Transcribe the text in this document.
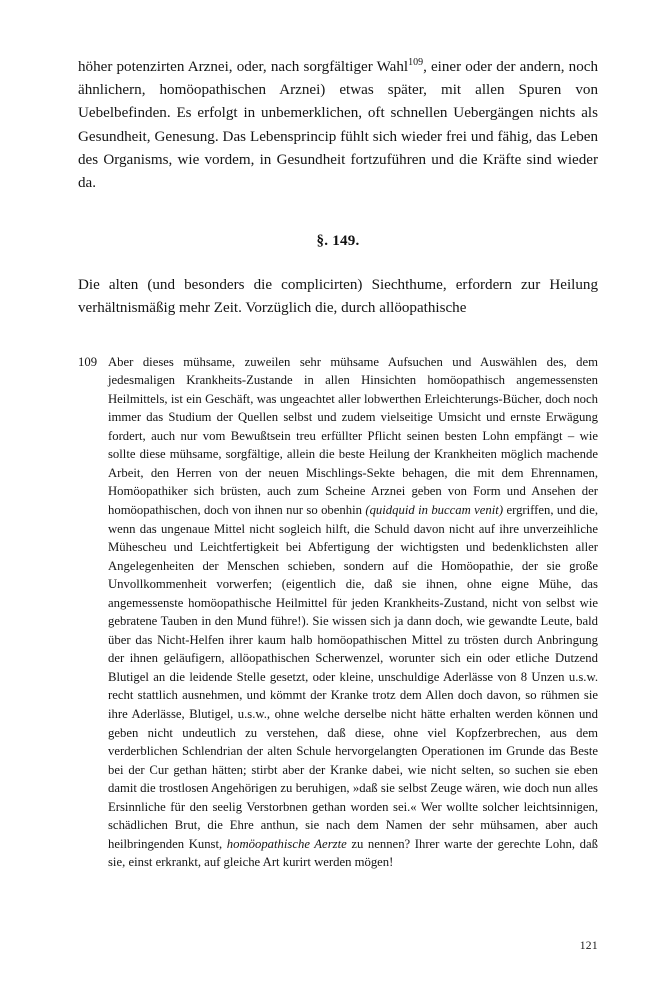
höher potenzirten Arznei, oder, nach sorgfältiger Wahl$^{109}$, einer oder der andern, noch ähnlichern, homöopathischen Arznei) etwas später, mit allen Spuren von Uebelbefinden. Es erfolgt in unbemerklichen, oft schnellen Uebergängen nichts als Gesundheit, Genesung. Das Lebensprincip fühlt sich wieder frei und fähig, das Leben des Organisms, wie vordem, in Gesundheit fortzuführen und die Kräfte sind wieder da.

§. 149.

Die alten (und besonders die complicirten) Siechthume, erfordern zur Heilung verhältnismäßig mehr Zeit. Vorzüglich die, durch allöopathische

109 Aber dieses mühsame, zuweilen sehr mühsame Aufsuchen und Auswählen des, dem jedesmaligen Krankheits-Zustande in allen Hinsichten homöopathisch angemessensten Heilmittels, ist ein Geschäft, was ungeachtet aller lobwerthen Erleichterungs-Bücher, doch noch immer das Studium der Quellen selbst und zudem vielseitige Umsicht und ernste Erwägung fordert, auch nur vom Bewußtsein treu erfüllter Pflicht seinen besten Lohn empfängt – wie sollte diese mühsame, sorgfältige, allein die beste Heilung der Krankheiten möglich machende Arbeit, den Herren von der neuen Mischlings-Sekte behagen, die mit dem Ehrennamen, Homöopathiker sich brüsten, auch zum Scheine Arznei geben von Form und Ansehen der homöopathischen, doch von ihnen nur so obenhin (quidquid in buccam venit) ergriffen, und die, wenn das ungenaue Mittel nicht sogleich hilft, die Schuld davon nicht auf ihre unverzeihliche Mühescheu und Leichtfertigkeit bei Abfertigung der wichtigsten und bedenklichsten aller Angelegenheiten der Menschen schieben, sondern auf die Homöopathie, der sie große Unvollkommenheit vorwerfen; (eigentlich die, daß sie ihnen, ohne eigne Mühe, das angemessenste homöopathische Heilmittel für jeden Krankheits-Zustand, nicht von selbst wie gebratene Tauben in den Mund führe!). Sie wissen sich ja dann doch, wie gewandte Leute, bald über das Nicht-Helfen ihrer kaum halb homöopathischen Mittel zu trösten durch Anbringung der ihnen geläufigern, allöopathischen Scherwenzel, worunter sich ein oder etliche Dutzend Blutigel an die leidende Stelle gesetzt, oder kleine, unschuldige Aderlässe von 8 Unzen u.s.w. recht stattlich ausnehmen, und kömmt der Kranke trotz dem Allen doch davon, so rühmen sie ihre Aderlässe, Blutigel, u.s.w., ohne welche derselbe nicht hätte erhalten werden können und geben nicht undeutlich zu verstehen, daß diese, ohne viel Kopfzerbrechen, aus dem verderblichen Schlendrian der alten Schule hervorgelangten Operationen im Grunde das Beste bei der Cur gethan hätten; stirbt aber der Kranke dabei, wie nicht selten, so suchen sie eben damit die trostlosen Angehörigen zu beruhigen, »daß sie selbst Zeuge wären, wie doch nun alles Ersinnliche für den seelig Verstorbnen gethan worden sei.« Wer wollte solcher leichtsinnigen, schädlichen Brut, die Ehre anthun, sie nach dem Namen der sehr mühsamen, aber auch heilbringenden Kunst, homöopathische Aerzte zu nennen? Ihrer warte der gerechte Lohn, daß sie, einst erkrankt, auf gleiche Art kurirt werden mögen!

121
